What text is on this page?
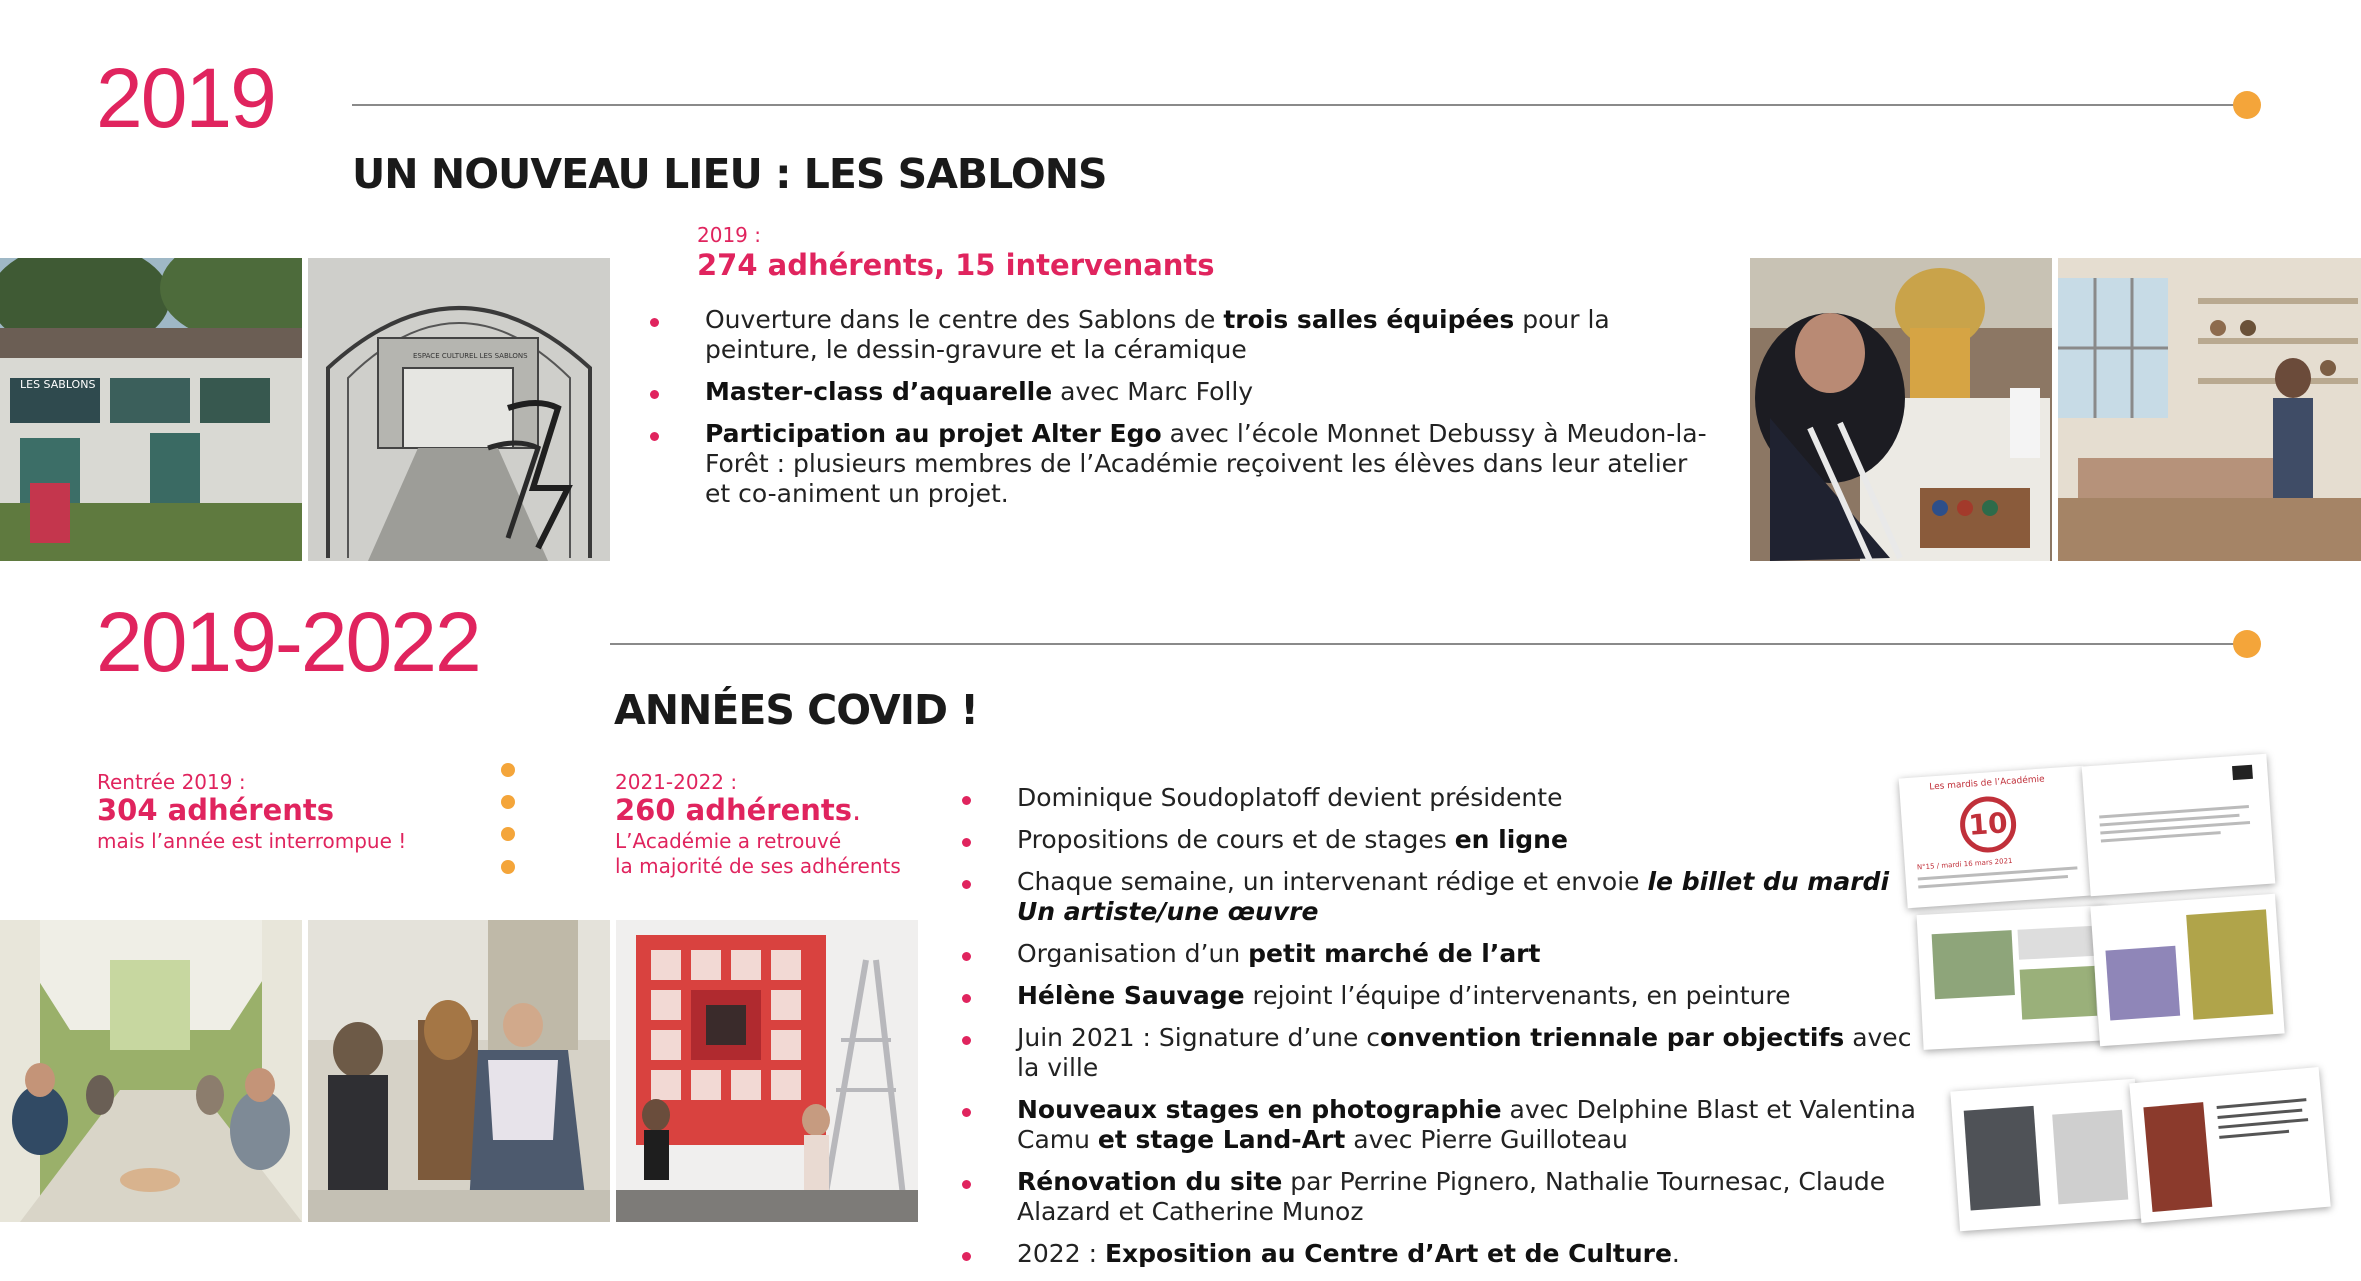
2019
UN NOUVEAU LIEU : LES SABLONS
LES SABLONS
ESPACE CULTUREL LES SABLONS
2019 :
274 adhérents, 15 intervenants
Ouverture dans le centre des Sablons de trois salles équipées pour la peinture, le dessin-gravure et la céramique
Master-class d’aquarelle avec Marc Folly
Participation au projet Alter Ego avec l’école Monnet Debussy à Meudon-la-Forêt : plusieurs membres de l’Académie reçoivent les élèves dans leur atelier et co-animent un projet.
2019-2022
ANNÉES COVID !
Rentrée 2019 :
304 adhérents
mais l’année est interrompue !
2021-2022 :
260 adhérents.
L’Académie a retrouvé
la majorité de ses adhérents
Dominique Soudoplatoff devient présidente
Propositions de cours et de stages en ligne
Chaque semaine, un intervenant rédige et envoie le billet du mardi Un artiste/une œuvre
Organisation d’un petit marché de l’art
Hélène Sauvage rejoint l’équipe d’intervenants, en peinture
Juin 2021 : Signature d’une convention triennale par objectifs avec la ville
Nouveaux stages en photographie avec Delphine Blast et Valentina Camu et stage Land-Art avec Pierre Guilloteau
Rénovation du site par Perrine Pignero, Nathalie Tournesac, Claude Alazard et Catherine Munoz
2022 : Exposition au Centre d’Art et de Culture.
Les mardis de l’Académie
10
N°15 / mardi 16 mars 2021
